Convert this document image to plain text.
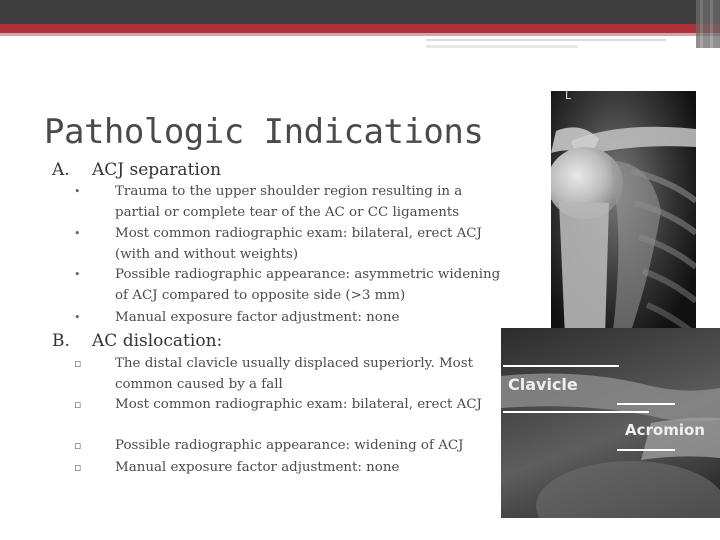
Pathologic Indications
A. ACJ separation
•	Trauma to the upper shoulder region resulting in a partial or complete tear of the AC or CC ligaments
•	Most common radiographic exam: bilateral, erect ACJ (with and without weights)
•	Possible radiographic appearance: asymmetric widening of ACJ compared to opposite side (>3 mm)
•	Manual exposure factor adjustment: none
B. AC dislocation:
▫	The distal clavicle usually displaced superiorly. Most common caused by a fall
▫	Most common radiographic exam: bilateral, erect ACJ
▫	Possible radiographic appearance: widening of ACJ
▫	Manual exposure factor adjustment: none
L
Clavicle
Acromion
